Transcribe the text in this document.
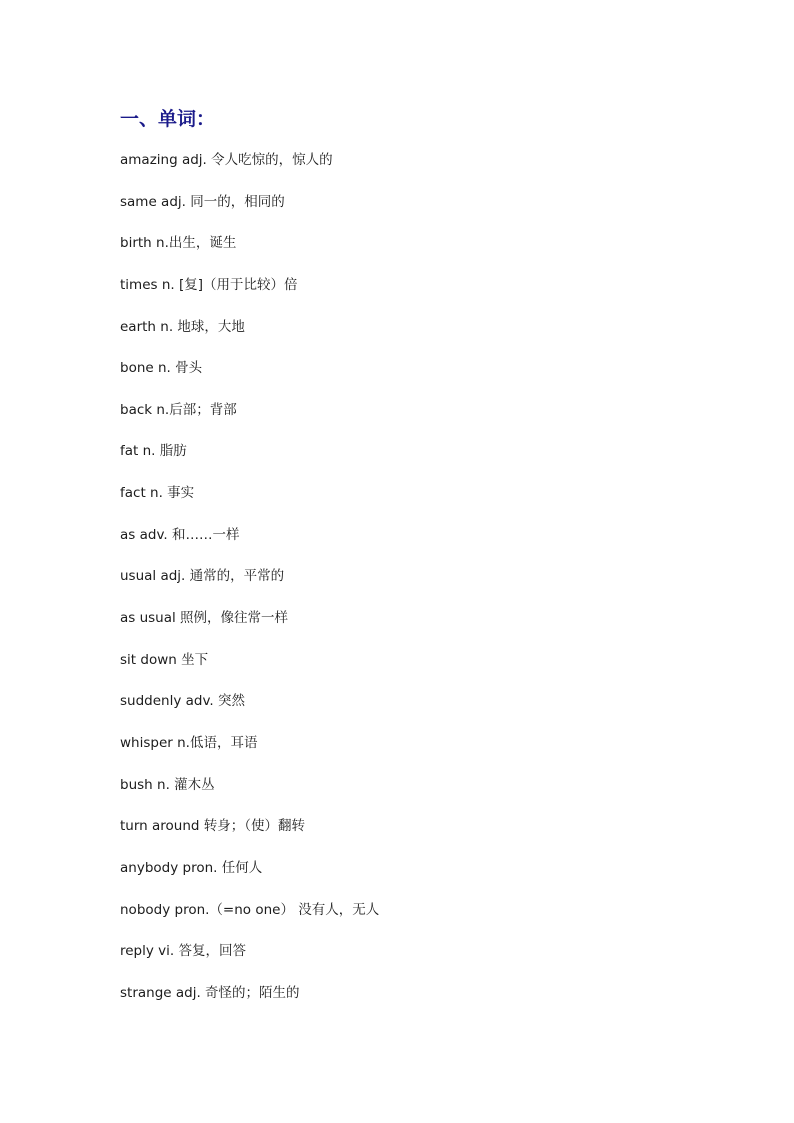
一、单词：
amazing adj. 令人吃惊的，惊人的
same adj. 同一的，相同的
birth n.出生，诞生
times n. [复]（用于比较）倍
earth n. 地球，大地
bone n. 骨头
back n.后部；背部
fat n. 脂肪
fact n. 事实
as adv. 和……一样
usual adj. 通常的，平常的
as usual 照例，像往常一样
sit down 坐下
suddenly adv. 突然
whisper n.低语，耳语
bush n. 灌木丛
turn around 转身；（使）翻转
anybody pron. 任何人
nobody pron.（=no one） 没有人，无人
reply vi. 答复，回答
strange adj. 奇怪的；陌生的
